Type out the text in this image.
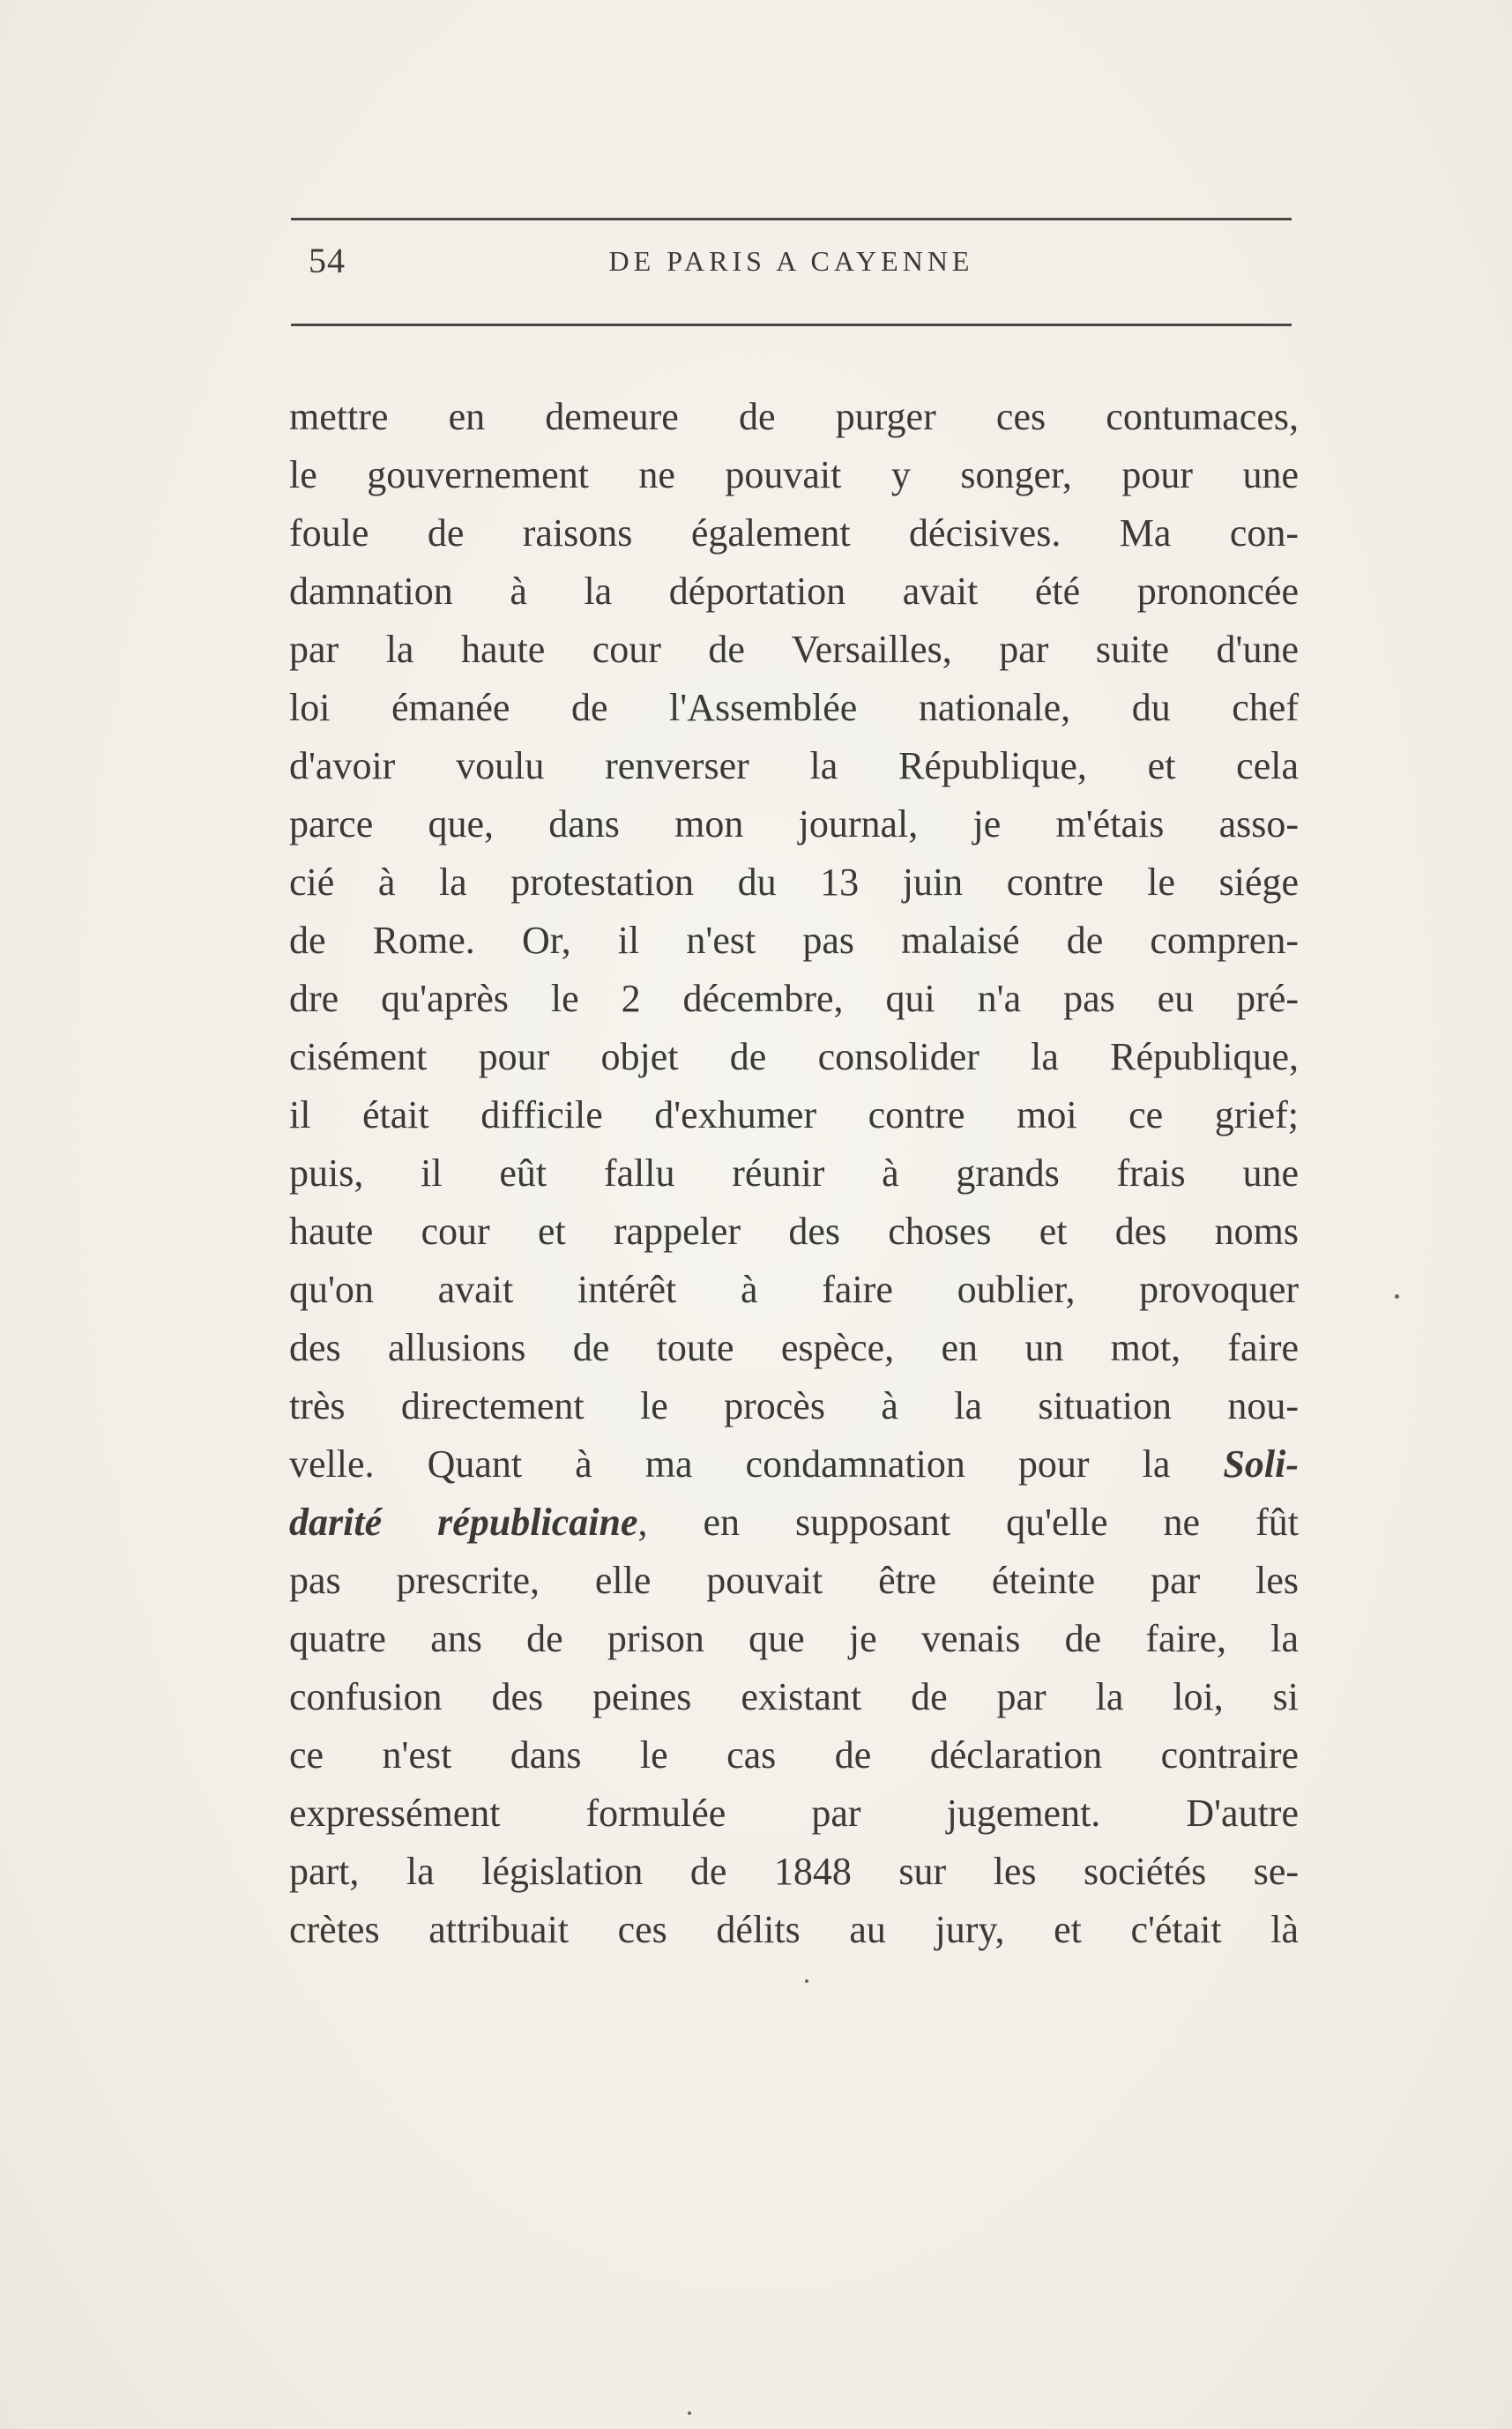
54	DE PARIS A CAYENNE
mettre en demeure de purger ces contumaces,
le gouvernement ne pouvait y songer, pour une
foule de raisons également décisives. Ma con-
damnation à la déportation avait été prononcée
par la haute cour de Versailles, par suite d'une
loi émanée de l'Assemblée nationale, du chef
d'avoir voulu renverser la République, et cela
parce que, dans mon journal, je m'étais asso-
cié à la protestation du 13 juin contre le siége
de Rome. Or, il n'est pas malaisé de compren-
dre qu'après le 2 décembre, qui n'a pas eu pré-
cisément pour objet de consolider la République,
il était difficile d'exhumer contre moi ce grief;
puis, il eût fallu réunir à grands frais une
haute cour et rappeler des choses et des noms
qu'on avait intérêt à faire oublier, provoquer
des allusions de toute espèce, en un mot, faire
très directement le procès à la situation nou-
velle. Quant à ma condamnation pour la Soli-
darité républicaine, en supposant qu'elle ne fût
pas prescrite, elle pouvait être éteinte par les
quatre ans de prison que je venais de faire, la
confusion des peines existant de par la loi, si
ce n'est dans le cas de déclaration contraire
expressément formulée par jugement. D'autre
part, la législation de 1848 sur les sociétés se-
crètes attribuait ces délits au jury, et c'était là
